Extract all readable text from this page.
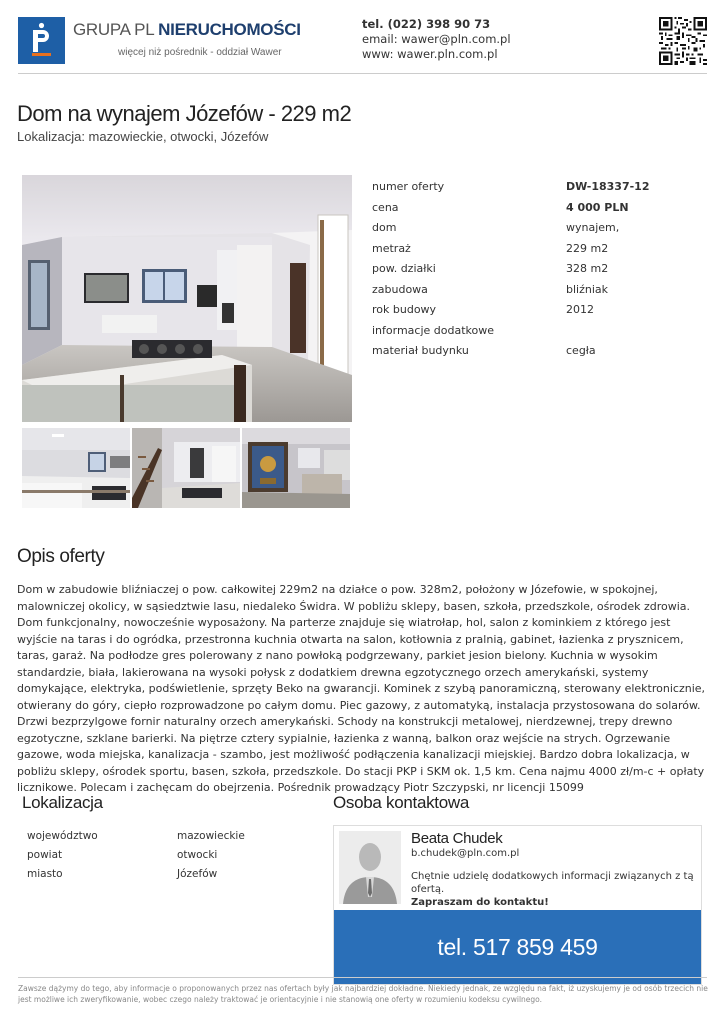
GRUPA PL NIERUCHOMOŚCI
więcej niż pośrednik - oddział Wawer
tel. (022) 398 90 73
email: wawer@pln.com.pl
www: wawer.pln.com.pl
Dom na wynajem Józefów - 229 m2
Lokalizacja: mazowieckie, otwocki, Józefów
numer oferty	DW-18337-12
cena	4 000 PLN
dom	wynajem,
metraż	229 m2
pow. działki	328 m2
zabudowa	bliźniak
rok budowy	2012
informacje dodatkowe
materiał budynku	cegła
Opis oferty
Dom w zabudowie bliźniaczej o pow. całkowitej 229m2 na działce o pow. 328m2, położony w Józefowie, w spokojnej, malowniczej okolicy, w sąsiedztwie lasu, niedaleko Świdra. W pobliżu sklepy, basen, szkoła, przedszkole, ośrodek zdrowia. Dom funkcjonalny, nowocześnie wyposażony. Na parterze znajduje się wiatrołap, hol, salon z kominkiem z którego jest wyjście na taras i do ogródka, przestronna kuchnia otwarta na salon, kotłownia z pralnią, gabinet, łazienka z prysznicem, taras, garaż. Na podłodze gres polerowany z nano powłoką podgrzewany, parkiet jesion bielony. Kuchnia w wysokim standardzie, biała, lakierowana na wysoki połysk z dodatkiem drewna egzotycznego orzech amerykański, systemy domykające, elektryka, podświetlenie, sprzęty Beko na gwarancji. Kominek z szybą panoramiczną, sterowany elektronicznie, otwierany do góry, ciepło rozprowadzone po całym domu. Piec gazowy, z automatyką, instalacja przystosowana do solarów. Drzwi bezprzylgowe fornir naturalny orzech amerykański. Schody na konstrukcji metalowej, nierdzewnej, trepy drewno egzotyczne, szklane barierki. Na piętrze cztery sypialnie, łazienka z wanną, balkon oraz wejście na strych. Ogrzewanie gazowe, woda miejska, kanalizacja - szambo, jest możliwość podłączenia kanalizacji miejskiej. Bardzo dobra lokalizacja, w pobliżu sklepy, ośrodek sportu, basen, szkoła, przedszkole. Do stacji PKP i SKM ok. 1,5 km. Cena najmu 4000 zł/m-c + opłaty licznikowe. Polecam i zachęcam do obejrzenia. Pośrednik prowadzący Piotr Szczypski, nr licencji 15099
Lokalizacja
województwo	mazowieckie
powiat	otwocki
miasto	Józefów
Osoba kontaktowa
Beata Chudek
b.chudek@pln.com.pl
Chętnie udzielę dodatkowych informacji związanych z tą ofertą.
Zapraszam do kontaktu!
tel. 517 859 459
Zawsze dążymy do tego, aby informacje o proponowanych przez nas ofertach były jak najbardziej dokładne. Niekiedy jednak, ze względu na fakt, iż uzyskujemy je od osób trzecich nie jest możliwe ich zweryfikowanie, wobec czego należy traktować je orientacyjnie i nie stanowią one oferty w rozumieniu kodeksu cywilnego.
